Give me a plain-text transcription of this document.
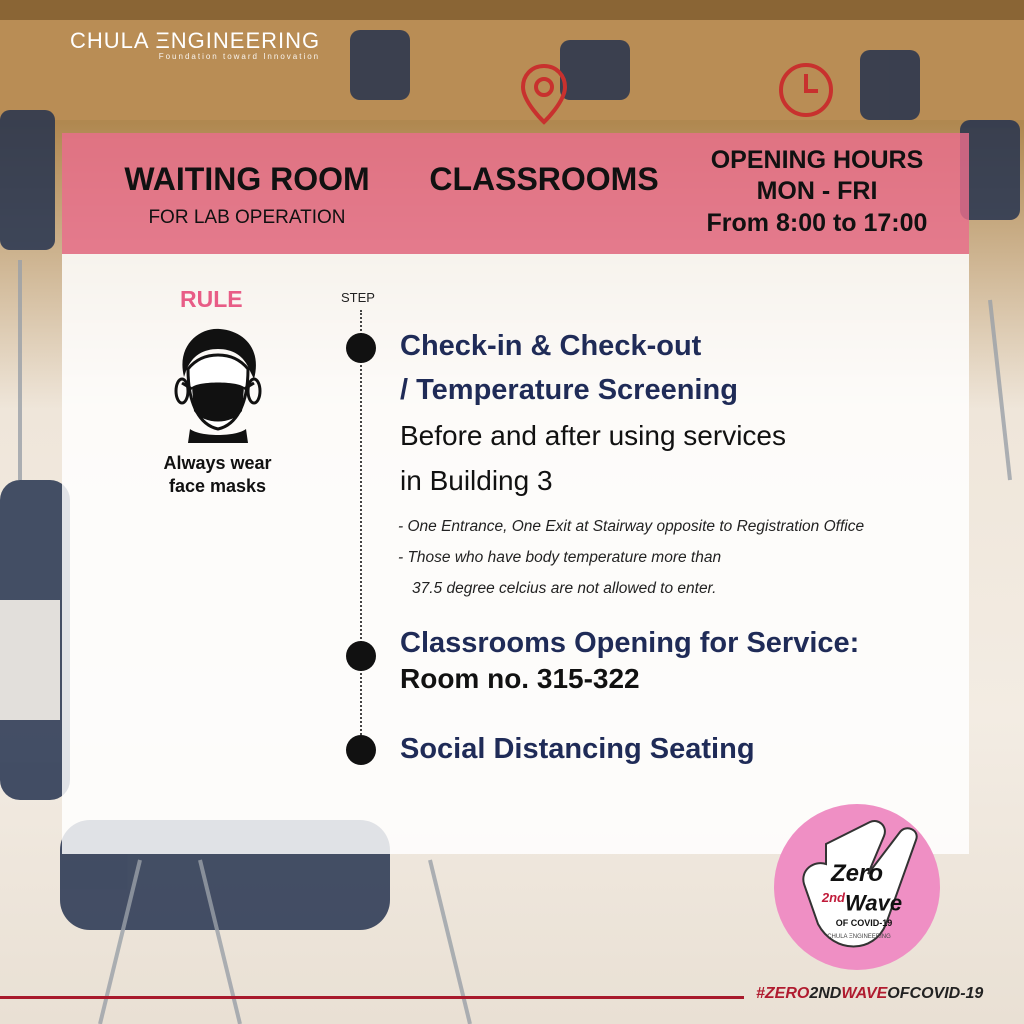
CHULA ΞNGINEERING
Foundation toward Innovation
WAITING ROOM
FOR LAB OPERATION
CLASSROOMS
OPENING HOURS
MON - FRI
From 8:00 to 17:00
RULE
Always wear
face masks
STEP
Check-in & Check-out
/ Temperature Screening
Before and after using services
in Building 3
- One Entrance, One Exit at Stairway opposite to Registration Office
- Those who have body temperature more than
37.5 degree celcius are not allowed to enter.
Classrooms Opening for Service:
Room no. 315-322
Social Distancing Seating
Zero
$^{2nd}$Wave
OF COVID-19
CHULA ΞNGINEERING
#ZERO2NDWAVEOFCOVID-19
